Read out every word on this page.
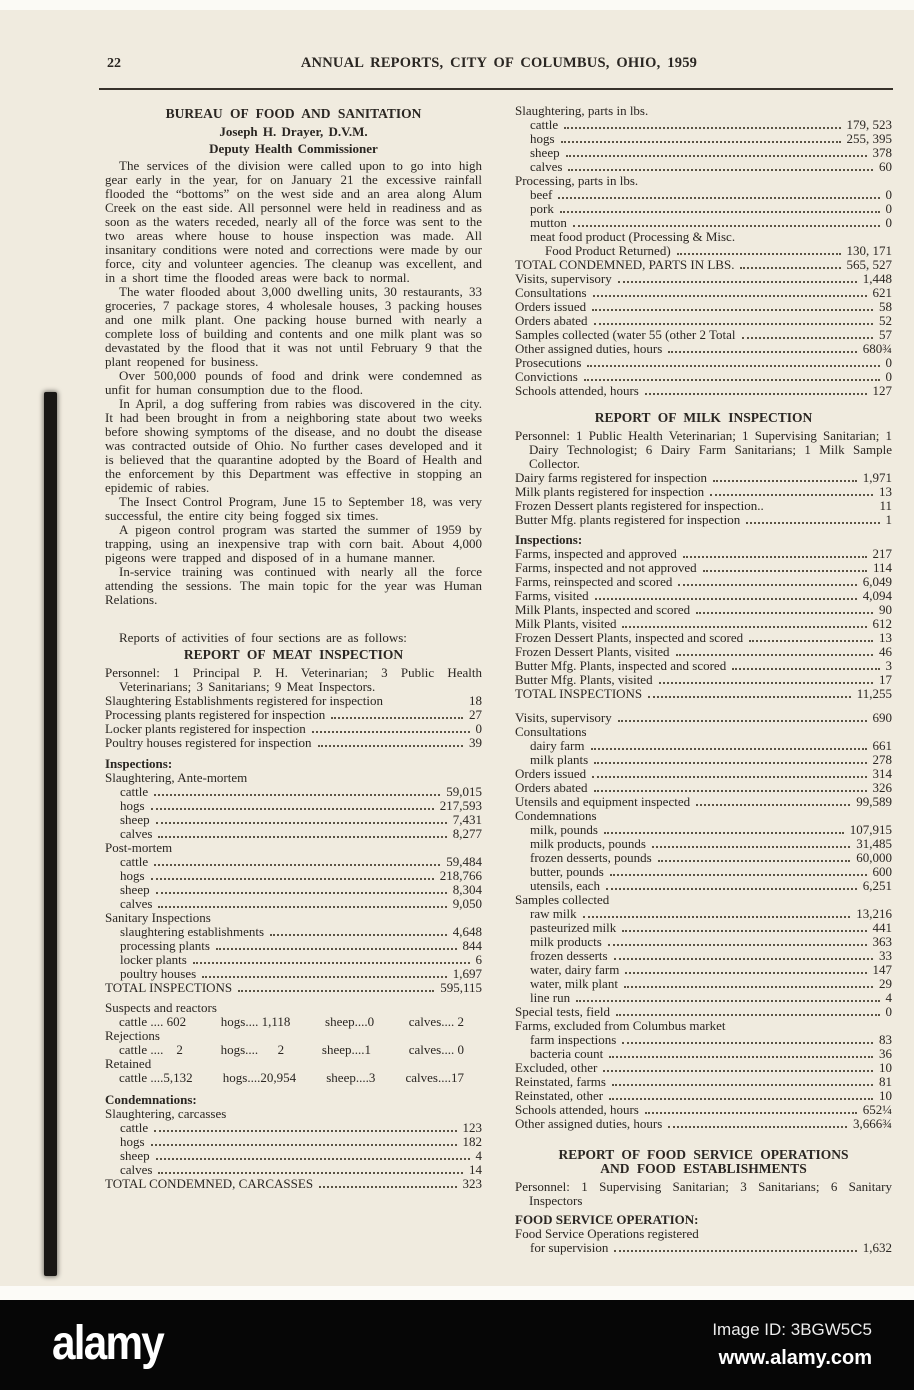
22	ANNUAL REPORTS, CITY OF COLUMBUS, OHIO, 1959
BUREAU OF FOOD AND SANITATION
Joseph H. Drayer, D.V.M.
Deputy Health Commissioner
The services of the division were called upon to go into high gear early in the year, for on January 21 the excessive rainfall flooded the “bottoms” on the west side and an area along Alum Creek on the east side. All personnel were held in readiness and as soon as the waters receded, nearly all of the force was sent to the two areas where house to house inspection was made. All insanitary conditions were noted and corrections were made by our force, city and volunteer agencies. The cleanup was excellent, and in a short time the flooded areas were back to normal.
The water flooded about 3,000 dwelling units, 30 restaurants, 33 groceries, 7 package stores, 4 wholesale houses, 3 packing houses and one milk plant. One packing house burned with nearly a complete loss of building and contents and one milk plant was so devastated by the flood that it was not until February 9 that the plant reopened for business.
Over 500,000 pounds of food and drink were condemned as unfit for human consumption due to the flood.
In April, a dog suffering from rabies was discovered in the city. It had been brought in from a neighboring state about two weeks before showing symptoms of the disease, and no doubt the disease was contracted outside of Ohio. No further cases developed and it is believed that the quarantine adopted by the Board of Health and the enforcement by this Department was effective in stopping an epidemic of rabies.
The Insect Control Program, June 15 to September 18, was very successful, the entire city being fogged six times.
A pigeon control program was started the summer of 1959 by trapping, using an inexpensive trap with corn bait. About 4,000 pigeons were trapped and disposed of in a humane manner.
In-service training was continued with nearly all the force attending the sessions. The main topic for the year was Human Relations.
Reports of activities of four sections are as follows:
REPORT OF MEAT INSPECTION
Personnel: 1 Principal P. H. Veterinarian; 3 Public Health Veterinarians; 3 Sanitarians; 9 Meat Inspectors.
Slaughtering Establishments registered for inspection	18
Processing plants registered for inspection	27
Locker plants registered for inspection	0
Poultry houses registered for inspection	39
Inspections:
Slaughtering, Ante-mortem
cattle	59,015
hogs	217,593
sheep	7,431
calves	8,277
Post-mortem
cattle	59,484
hogs	218,766
sheep	8,304
calves	9,050
Sanitary Inspections
slaughtering establishments	4,648
processing plants	844
locker plants	6
poultry houses	1,697
TOTAL INSPECTIONS	595,115
Suspects and reactors
cattle .... 602	hogs.... 1,118	sheep....0	calves.... 2
Rejections
cattle ....    2	hogs....      2	sheep....1	calves.... 0
Retained
cattle ....5,132 hogs....20,954 sheep....3 calves....17
Condemnations:
Slaughtering, carcasses
cattle	123
hogs	182
sheep	4
calves	14
TOTAL CONDEMNED, CARCASSES	323
Slaughtering, parts in lbs.
cattle	179, 523
hogs	255, 395
sheep	378
calves	60
Processing, parts in lbs.
beef	0
pork	0
mutton	0
meat food product (Processing & Misc.
Food Product Returned)	130, 171
TOTAL CONDEMNED, PARTS IN LBS.	565, 527
Visits, supervisory	1,448
Consultations	621
Orders issued	58
Orders abated	52
Samples collected (water 55 (other 2 Total	57
Other assigned duties, hours	680¾
Prosecutions	0
Convictions	0
Schools attended, hours	127
REPORT OF MILK INSPECTION
Personnel: 1 Public Health Veterinarian; 1 Supervising Sanitarian; 1 Dairy Technologist; 6 Dairy Farm Sanitarians; 1 Milk Sample Collector.
Dairy farms registered for inspection	1,971
Milk plants registered for inspection	13
Frozen Dessert plants registered for inspection..	11
Butter Mfg. plants registered for inspection	1
Inspections:
Farms, inspected and approved	217
Farms, inspected and not approved	114
Farms, reinspected and scored	6,049
Farms, visited	4,094
Milk Plants, inspected and scored	90
Milk Plants, visited	612
Frozen Dessert Plants, inspected and scored	13
Frozen Dessert Plants, visited	46
Butter Mfg. Plants, inspected and scored	3
Butter Mfg. Plants, visited	17
TOTAL INSPECTIONS	11,255
Visits, supervisory	690
Consultations
dairy farm	661
milk plants	278
Orders issued	314
Orders abated	326
Utensils and equipment inspected	99,589
Condemnations
milk, pounds	107,915
milk products, pounds	31,485
frozen desserts, pounds	60,000
butter, pounds	600
utensils, each	6,251
Samples collected
raw milk	13,216
pasteurized milk	441
milk products	363
frozen desserts	33
water, dairy farm	147
water, milk plant	29
line run	4
Special tests, field	0
Farms, excluded from Columbus market
farm inspections	83
bacteria count	36
Excluded, other	10
Reinstated, farms	81
Reinstated, other	10
Schools attended, hours	652¼
Other assigned duties, hours	3,666¾
REPORT OF FOOD SERVICE OPERATIONS
AND FOOD ESTABLISHMENTS
Personnel: 1 Supervising Sanitarian; 3 Sanitarians; 6 Sanitary Inspectors
FOOD SERVICE OPERATION:
Food Service Operations registered
for supervision	1,632
alamy	Image ID: 3BGW5C5
www.alamy.com
